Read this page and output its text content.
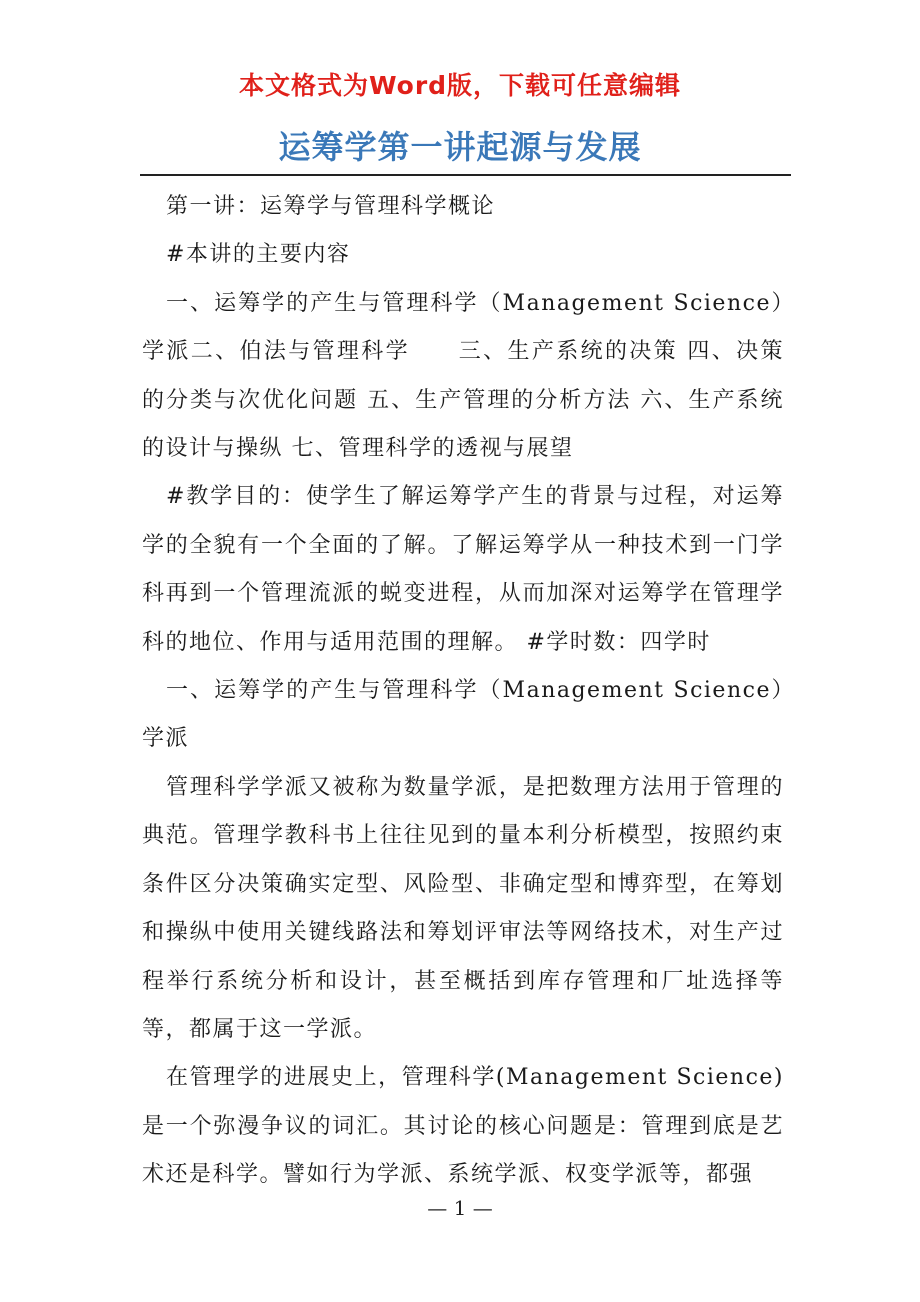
本文格式为Word版，下载可任意编辑
运筹学第一讲起源与发展

第一讲：运筹学与管理科学概论

#本讲的主要内容

一、运筹学的产生与管理科学（Management Science）学派二、伯法与管理科学　　三、生产系统的决策 四、决策的分类与次优化问题 五、生产管理的分析方法 六、生产系统的设计与操纵 七、管理科学的透视与展望

#教学目的：使学生了解运筹学产生的背景与过程，对运筹学的全貌有一个全面的了解。了解运筹学从一种技术到一门学科再到一个管理流派的蜕变进程，从而加深对运筹学在管理学科的地位、作用与适用范围的理解。 #学时数：四学时

一、运筹学的产生与管理科学（Management Science）学派

管理科学学派又被称为数量学派，是把数理方法用于管理的典范。管理学教科书上往往见到的量本利分析模型，按照约束条件区分决策确实定型、风险型、非确定型和博弈型，在筹划和操纵中使用关键线路法和筹划评审法等网络技术，对生产过程举行系统分析和设计，甚至概括到库存管理和厂址选择等等，都属于这一学派。

在管理学的进展史上，管理科学(Management Science)是一个弥漫争议的词汇。其讨论的核心问题是：管理到底是艺术还是科学。譬如行为学派、系统学派、权变学派等，都强

— 1 —
